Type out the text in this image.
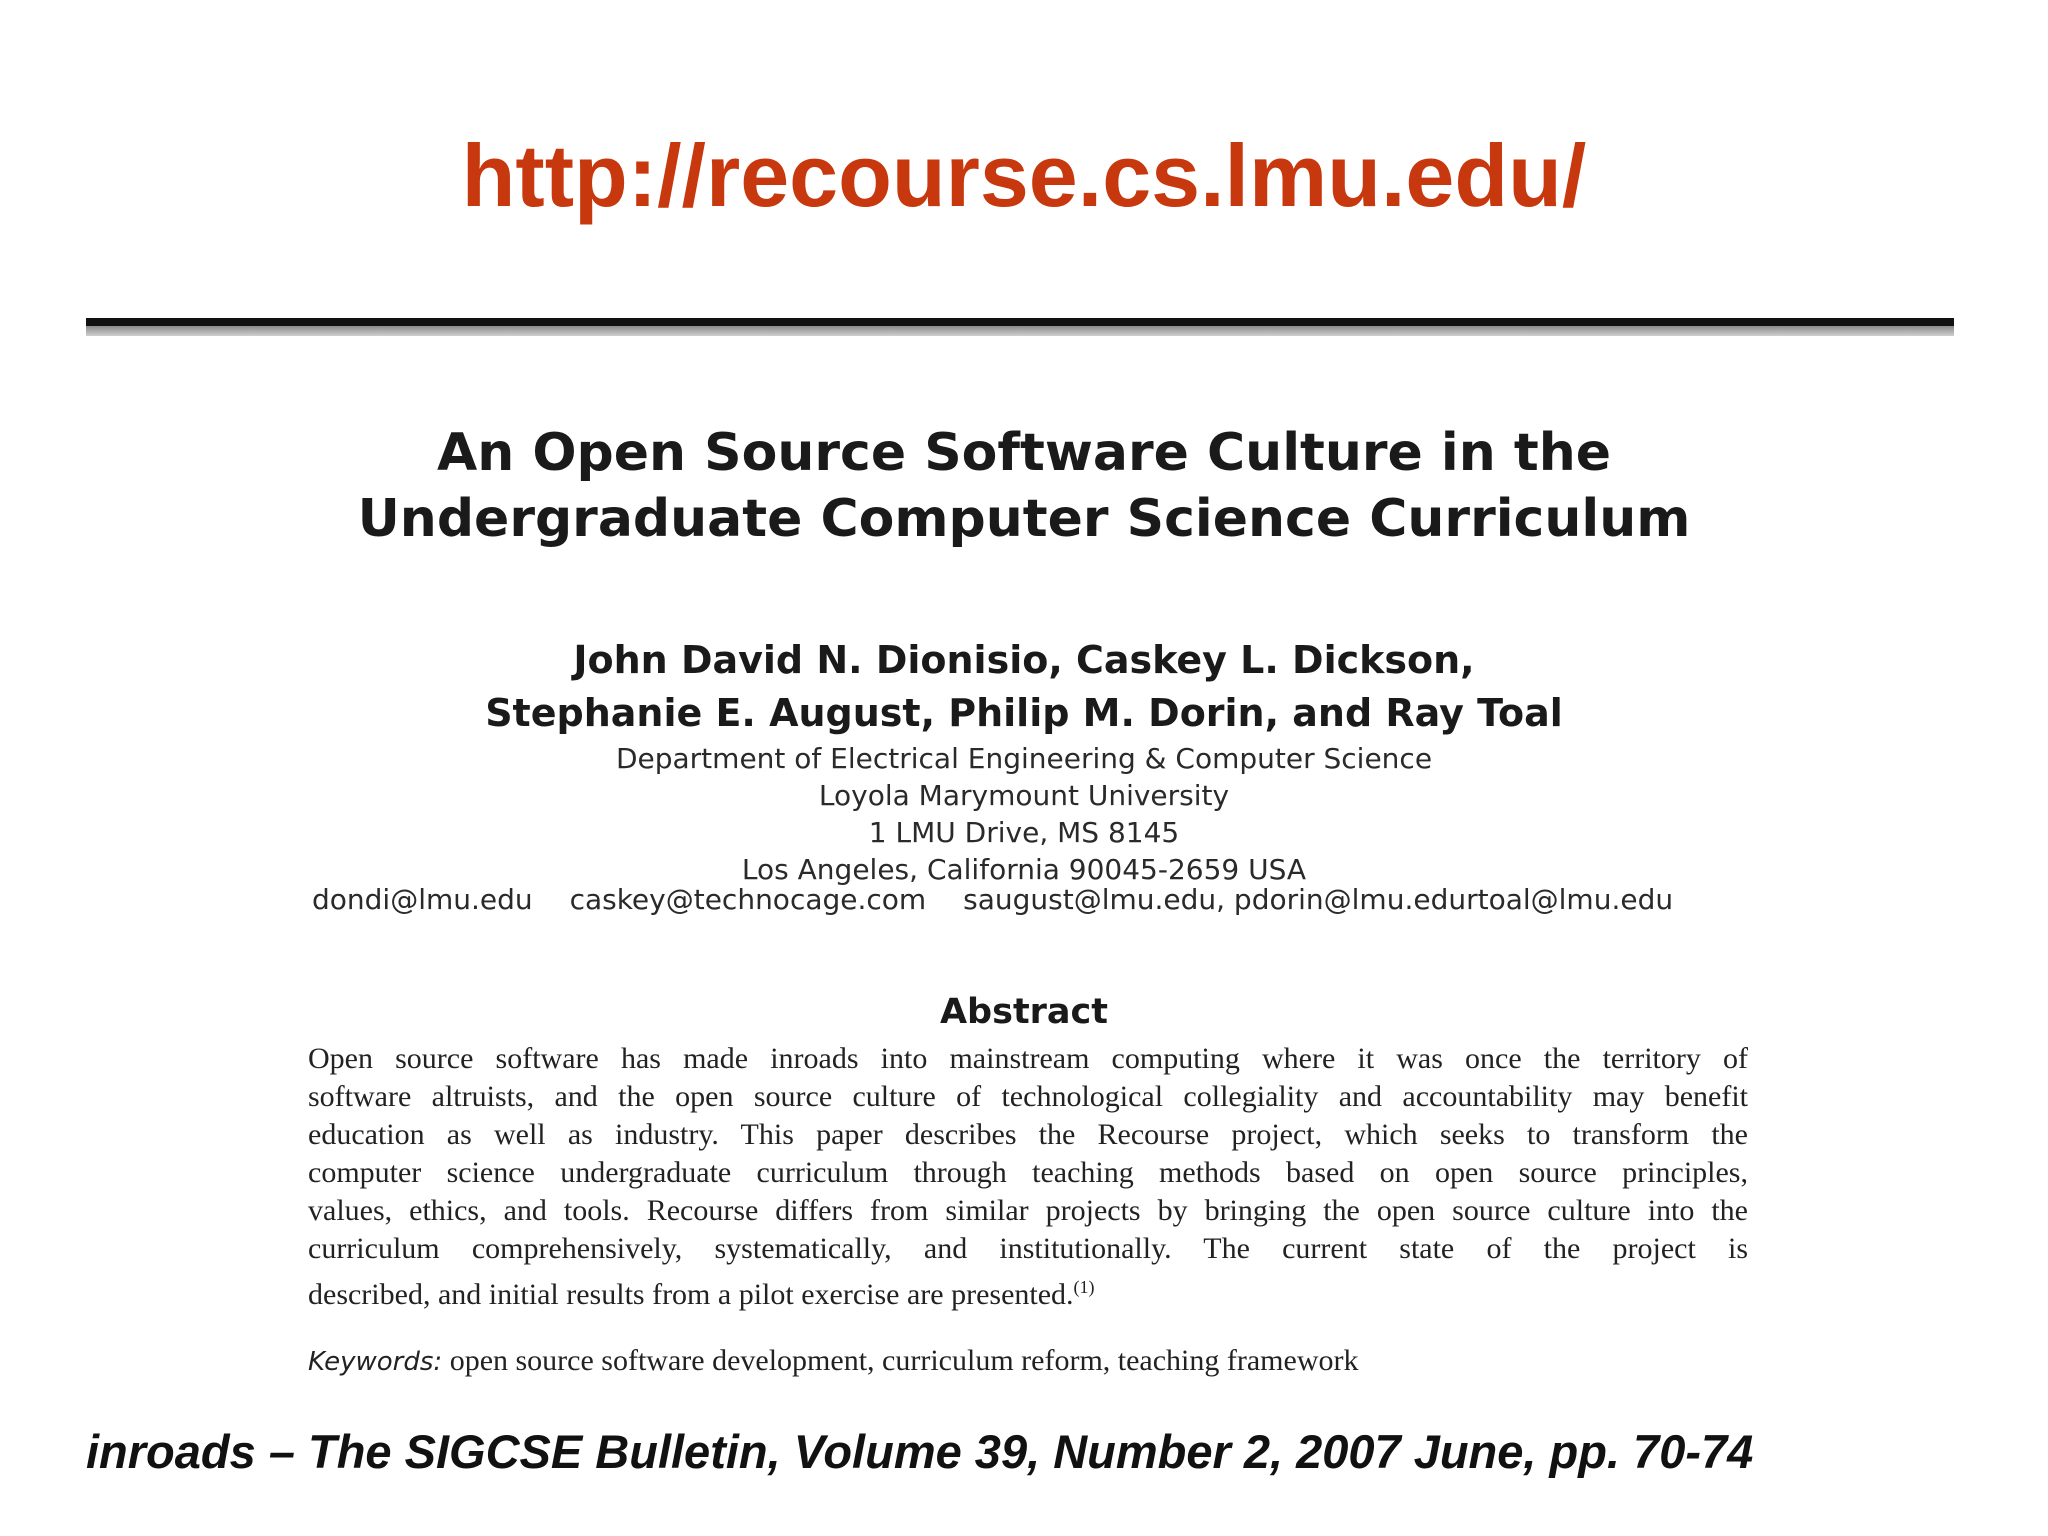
http://recourse.cs.lmu.edu/

An Open Source Software Culture in the

Undergraduate Computer Science Curriculum

John David N. Dionisio, Caskey L. Dickson,

Stephanie E. August, Philip M. Dorin, and Ray Toal

Department of Electrical Engineering & Computer Science

Loyola Marymount University

1 LMU Drive, MS 8145

Los Angeles, California 90045-2659 USA

dondi@lmu.edu caskey@technocage.com saugust@lmu.edu, pdorin@lmu.edurtoal@lmu.edu
Abstract
Open source software has made inroads into mainstream computing where it was once the territory of
software altruists, and the open source culture of technological collegiality and accountability may benefit
education as well as industry. This paper describes the Recourse project, which seeks to transform the
computer science undergraduate curriculum through teaching methods based on open source principles,
values, ethics, and tools. Recourse differs from similar projects by bringing the open source culture into the
curriculum comprehensively, systematically, and institutionally. The current state of the project is
described, and initial results from a pilot exercise are presented.$^{(1)}$
Keywords: open source software development, curriculum reform, teaching framework
inroads – The SIGCSE Bulletin, Volume 39, Number 2, 2007 June, pp. 70-74
